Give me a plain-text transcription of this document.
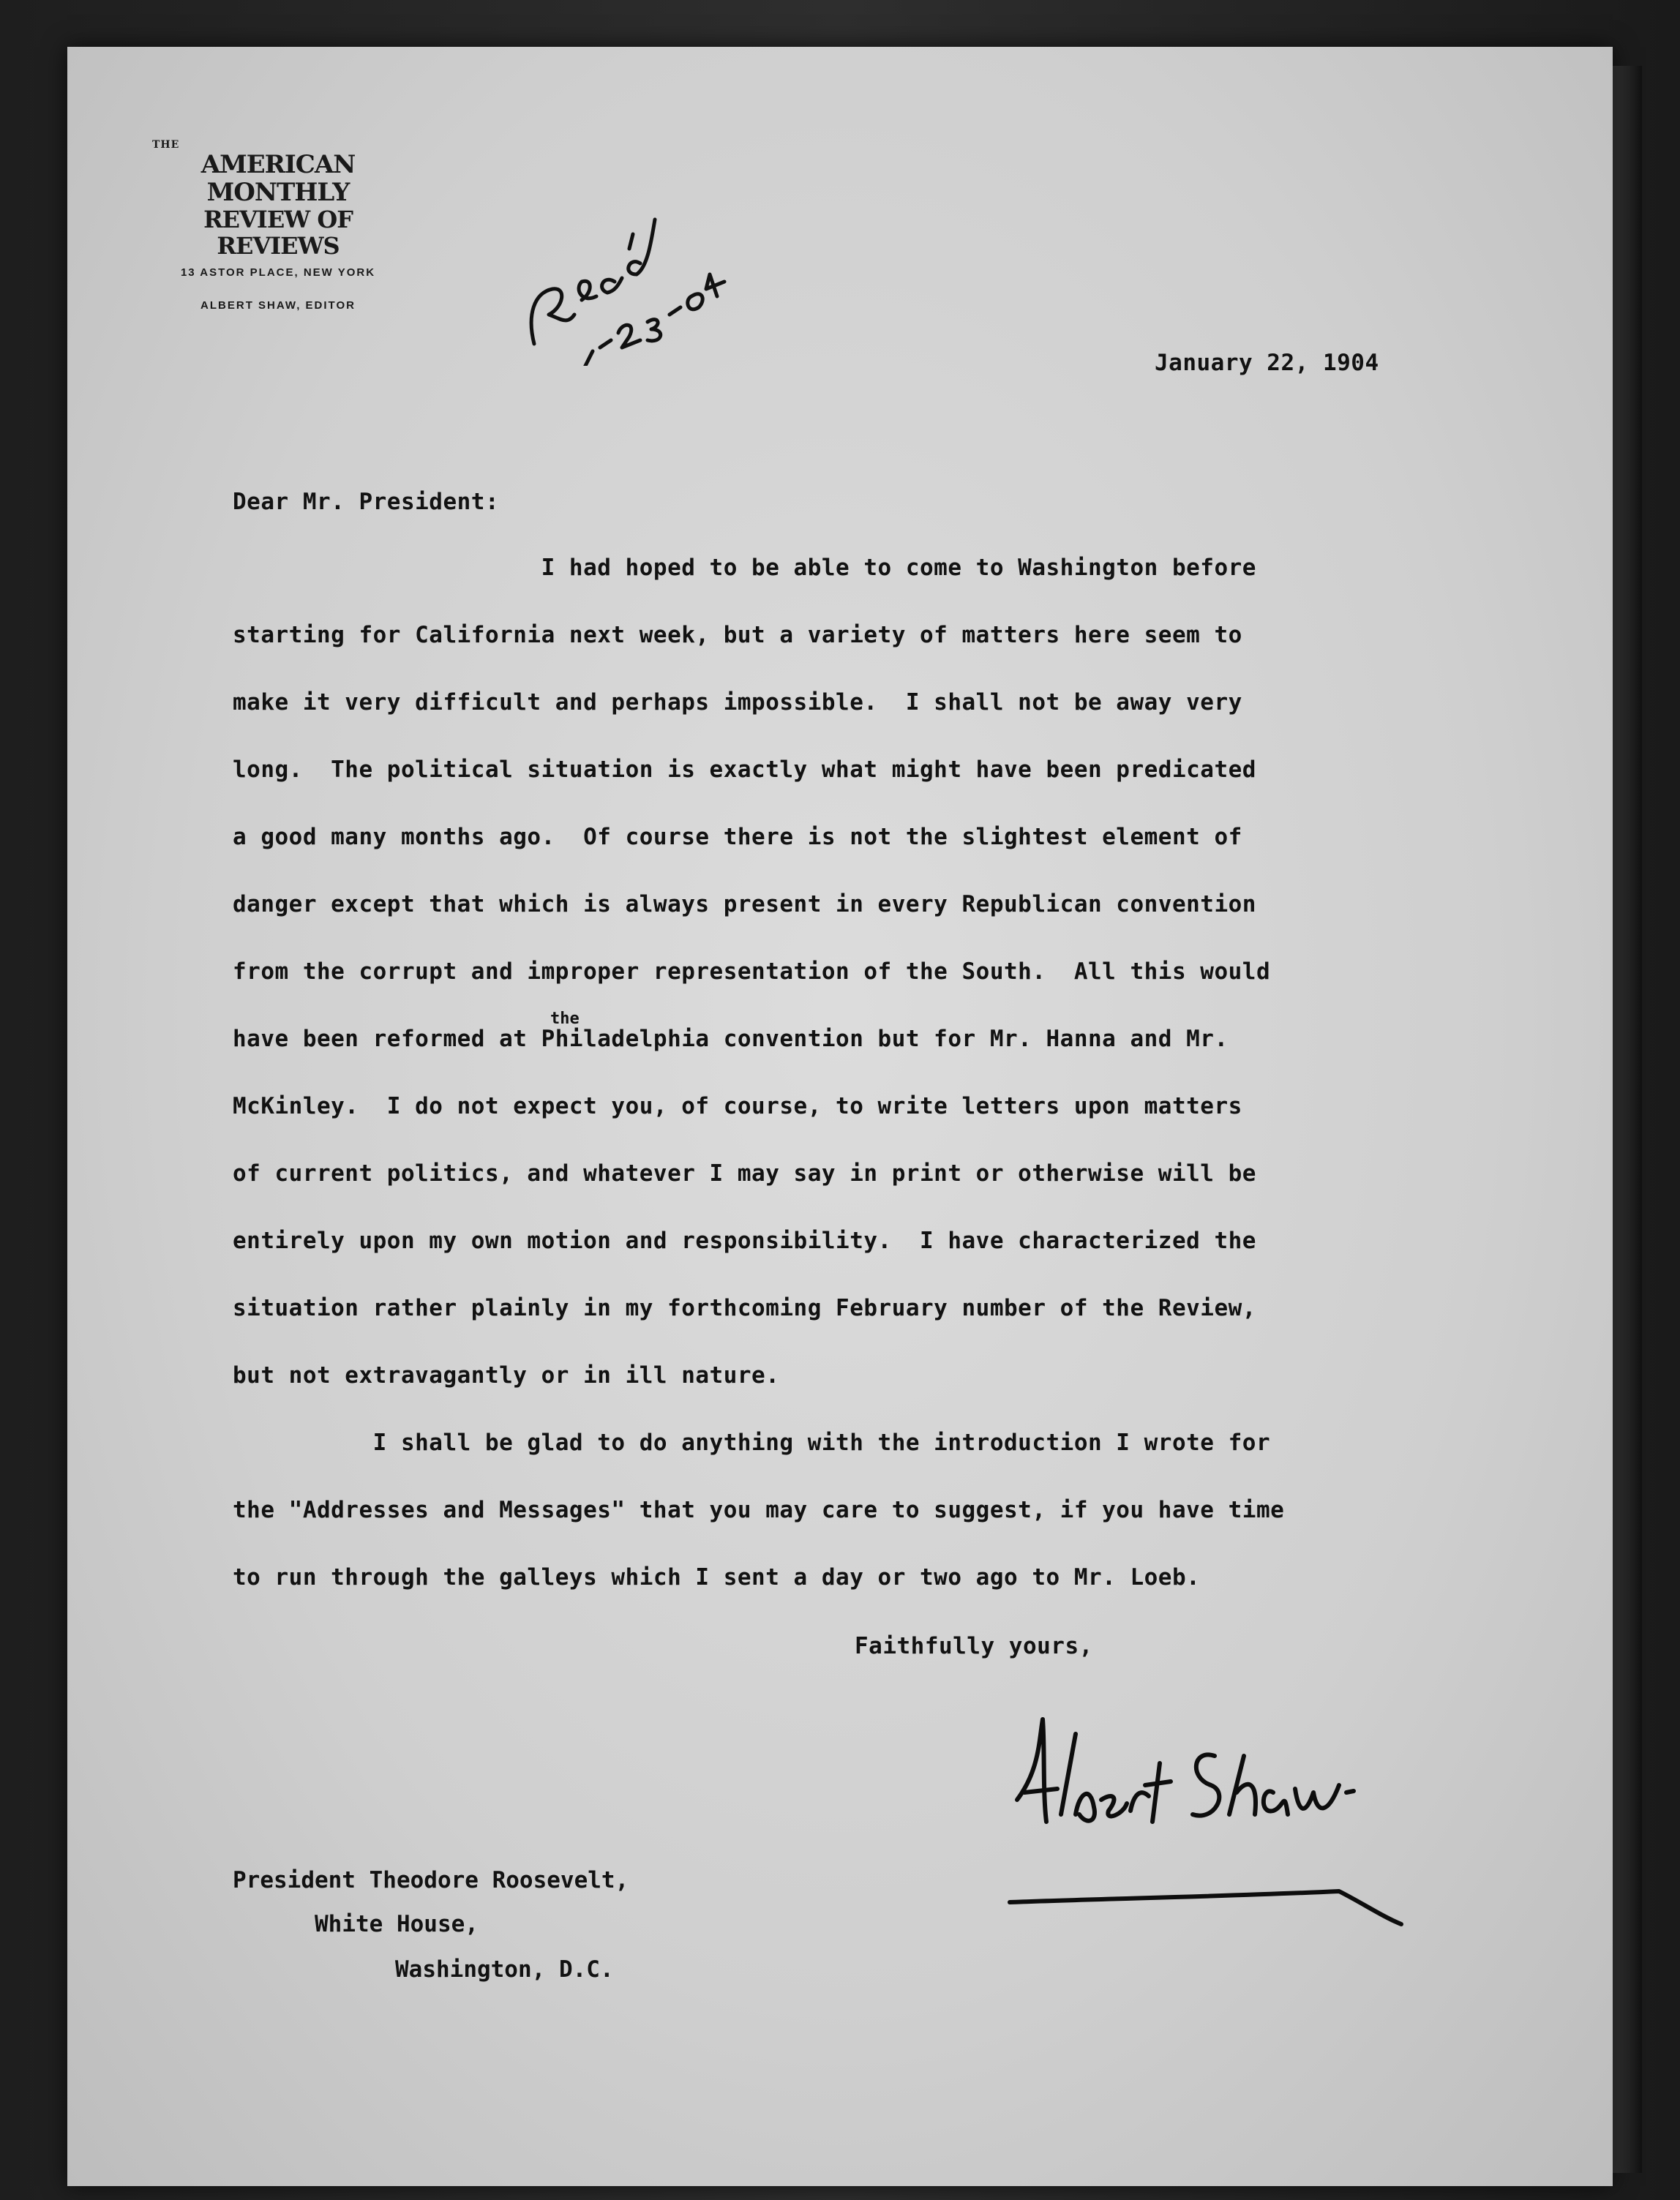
THE
AMERICAN MONTHLY
REVIEW OF REVIEWS
13 ASTOR PLACE, NEW YORK
ALBERT SHAW, EDITOR
January 22, 1904
Dear Mr. President:
the
I had hoped to be able to come to Washington before
starting for California next week, but a variety of matters here seem to
make it very difficult and perhaps impossible.  I shall not be away very
long.  The political situation is exactly what might have been predicated
a good many months ago.  Of course there is not the slightest element of
danger except that which is always present in every Republican convention
from the corrupt and improper representation of the South.  All this would
have been reformed at Philadelphia convention but for Mr. Hanna and Mr.
McKinley.  I do not expect you, of course, to write letters upon matters
of current politics, and whatever I may say in print or otherwise will be
entirely upon my own motion and responsibility.  I have characterized the
situation rather plainly in my forthcoming February number of the Review,
but not extravagantly or in ill nature.
I shall be glad to do anything with the introduction I wrote for
the "Addresses and Messages" that you may care to suggest, if you have time
to run through the galleys which I sent a day or two ago to Mr. Loeb.
Faithfully yours,
President Theodore Roosevelt,
White House,
Washington, D.C.
